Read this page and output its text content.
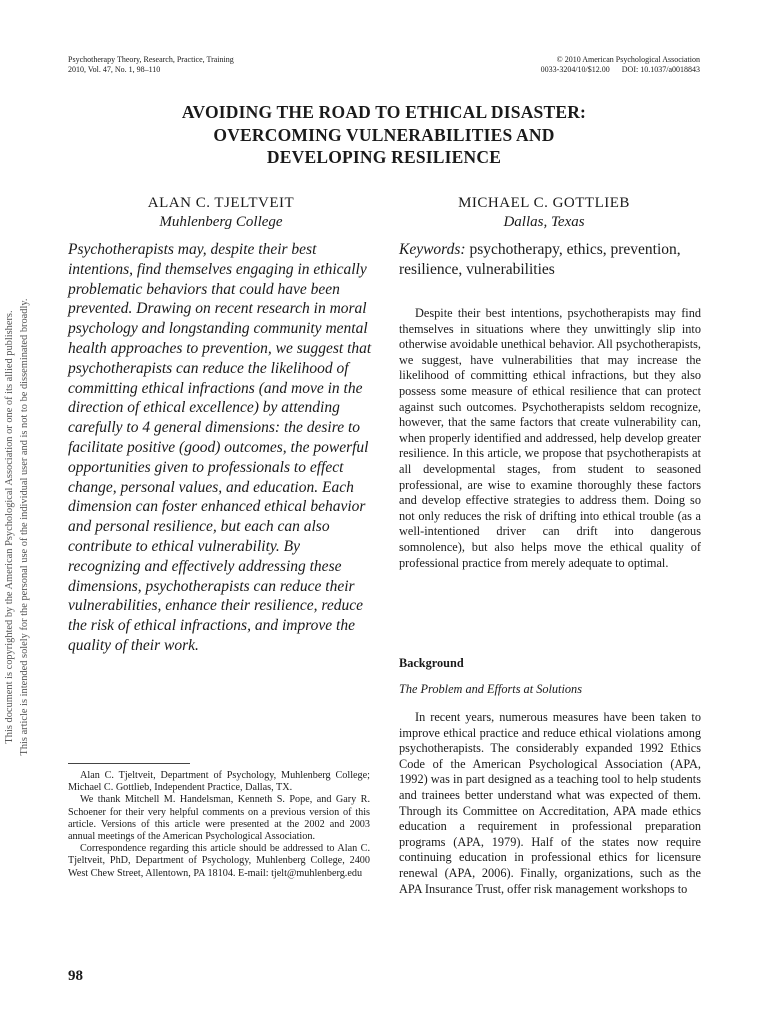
Psychotherapy Theory, Research, Practice, Training
2010, Vol. 47, No. 1, 98–110
© 2010 American Psychological Association
0033-3204/10/$12.00      DOI: 10.1037/a0018843
AVOIDING THE ROAD TO ETHICAL DISASTER:
OVERCOMING VULNERABILITIES AND
DEVELOPING RESILIENCE
ALAN C. TJELTVEIT
Muhlenberg College
MICHAEL C. GOTTLIEB
Dallas, Texas
Psychotherapists may, despite their best intentions, find themselves engaging in ethically problematic behaviors that could have been prevented. Drawing on recent research in moral psychology and longstanding community mental health approaches to prevention, we suggest that psychotherapists can reduce the likelihood of committing ethical infractions (and move in the direction of ethical excellence) by attending carefully to 4 general dimensions: the desire to facilitate positive (good) outcomes, the powerful opportunities given to professionals to effect change, personal values, and education. Each dimension can foster enhanced ethical behavior and personal resilience, but each can also contribute to ethical vulnerability. By recognizing and effectively addressing these dimensions, psychotherapists can reduce their vulnerabilities, enhance their resilience, reduce the risk of ethical infractions, and improve the quality of their work.
Keywords: psychotherapy, ethics, prevention, resilience, vulnerabilities

Despite their best intentions, psychotherapists may find themselves in situations where they unwittingly slip into otherwise avoidable unethical behavior. All psychotherapists, we suggest, have vulnerabilities that may increase the likelihood of committing ethical infractions, but they also possess some measure of ethical resilience that can protect against such outcomes. Psychotherapists seldom recognize, however, that the same factors that create vulnerability can, when properly identified and addressed, help develop greater resilience. In this article, we propose that psychotherapists at all developmental stages, from student to seasoned professional, are wise to examine thoroughly these factors and develop effective strategies to address them. Doing so not only reduces the risk of drifting into ethical trouble (as a well-intentioned driver can drift into dangerous somnolence), but also helps move the ethical quality of professional practice from merely adequate to optimal.

Background
The Problem and Efforts at Solutions

In recent years, numerous measures have been taken to improve ethical practice and reduce ethical violations among psychotherapists. The considerably expanded 1992 Ethics Code of the American Psychological Association (APA, 1992) was in part designed as a teaching tool to help students and trainees better understand what was expected of them. Through its Committee on Accreditation, APA made ethics education a requirement in professional preparation programs (APA, 1979). Half of the states now require continuing education in professional ethics for licensure renewal (APA, 2006). Finally, organizations, such as the APA Insurance Trust, offer risk management workshops to

Alan C. Tjeltveit, Department of Psychology, Muhlenberg College; Michael C. Gottlieb, Independent Practice, Dallas, TX.

We thank Mitchell M. Handelsman, Kenneth S. Pope, and Gary R. Schoener for their very helpful comments on a previous version of this article. Versions of this article were presented at the 2002 and 2003 annual meetings of the American Psychological Association.

Correspondence regarding this article should be addressed to Alan C. Tjeltveit, PhD, Department of Psychology, Muhlenberg College, 2400 West Chew Street, Allentown, PA 18104. E-mail: tjelt@muhlenberg.edu

98
This document is copyrighted by the American Psychological Association or one of its allied publishers. This article is intended solely for the personal use of the individual user and is not to be disseminated broadly.
